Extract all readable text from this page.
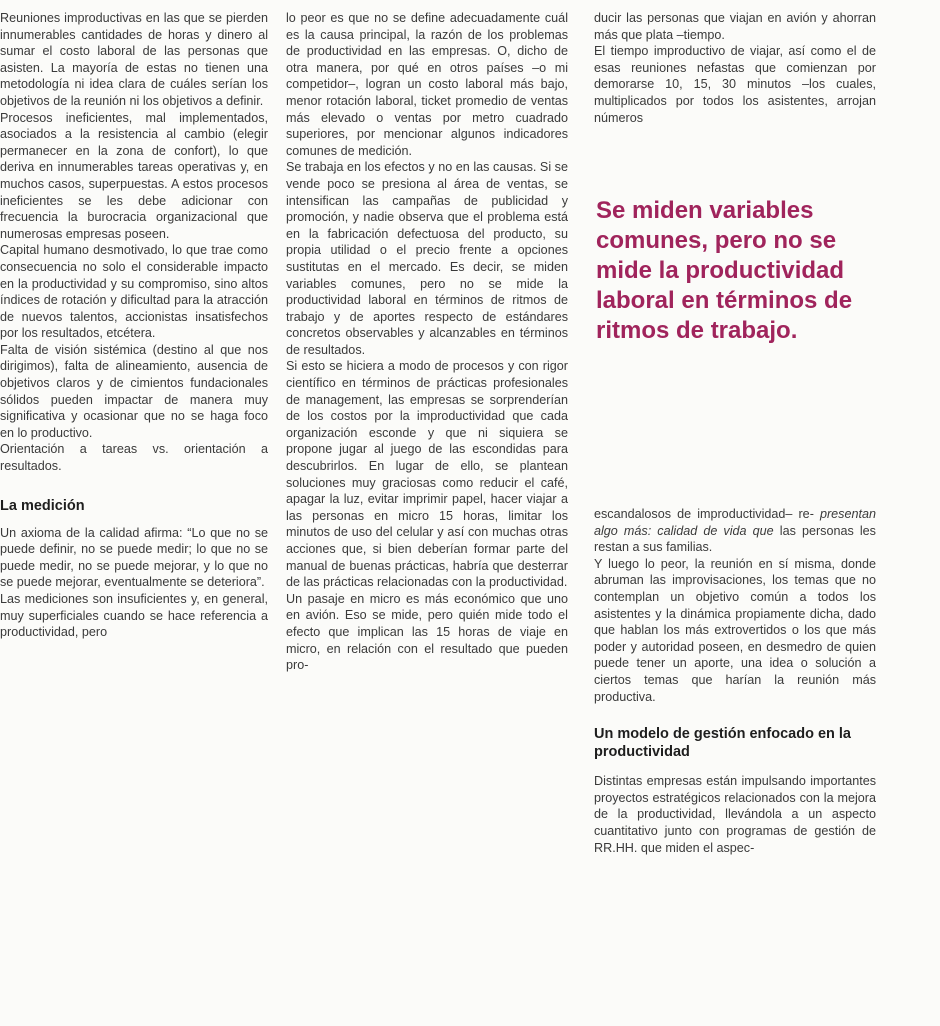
Reuniones improductivas en las que se pierden innumerables cantidades de horas y dinero al sumar el costo laboral de las personas que asisten. La mayoría de estas no tienen una metodología ni idea clara de cuáles serían los objetivos de la reunión ni los objetivos a definir.

Procesos ineficientes, mal implementados, asociados a la resistencia al cambio (elegir permanecer en la zona de confort), lo que deriva en innumerables tareas operativas y, en muchos casos, superpuestas. A estos procesos ineficientes se les debe adicionar con frecuencia la burocracia organizacional que numerosas empresas poseen.

Capital humano desmotivado, lo que trae como consecuencia no solo el considerable impacto en la productividad y su compromiso, sino altos índices de rotación y dificultad para la atracción de nuevos talentos, accionistas insatisfechos por los resultados, etcétera.

Falta de visión sistémica (destino al que nos dirigimos), falta de alineamiento, ausencia de objetivos claros y de cimientos fundacionales sólidos pueden impactar de manera muy significativa y ocasionar que no se haga foco en lo productivo.

Orientación a tareas vs. orientación a resultados.

La medición

Un axioma de la calidad afirma: “Lo que no se puede definir, no se puede medir; lo que no se puede medir, no se puede mejorar, y lo que no se puede mejorar, eventualmente se deteriora”.

Las mediciones son insuficientes y, en general, muy superficiales cuando se hace referencia a productividad, pero

lo peor es que no se define adecuadamente cuál es la causa principal, la razón de los problemas de productividad en las empresas. O, dicho de otra manera, por qué en otros países –o mi competidor–, logran un costo laboral más bajo, menor rotación laboral, ticket promedio de ventas más elevado o ventas por metro cuadrado superiores, por mencionar algunos indicadores comunes de medición.

Se trabaja en los efectos y no en las causas. Si se vende poco se presiona al área de ventas, se intensifican las campañas de publicidad y promoción, y nadie observa que el problema está en la fabricación defectuosa del producto, su propia utilidad o el precio frente a opciones sustitutas en el mercado. Es decir, se miden variables comunes, pero no se mide la productividad laboral en términos de ritmos de trabajo y de aportes respecto de estándares concretos observables y alcanzables en términos de resultados.

Si esto se hiciera a modo de procesos y con rigor científico en términos de prácticas profesionales de management, las empresas se sorprenderían de los costos por la improductividad que cada organización esconde y que ni siquiera se propone jugar al juego de las escondidas para descubrirlos. En lugar de ello, se plantean soluciones muy graciosas como reducir el café, apagar la luz, evitar imprimir papel, hacer viajar a las personas en micro 15 horas, limitar los minutos de uso del celular y así con muchas otras acciones que, si bien deberían formar parte del manual de buenas prácticas, habría que desterrar de las prácticas relacionadas con la productividad.

Un pasaje en micro es más económico que uno en avión. Eso se mide, pero quién mide todo el efecto que implican las 15 horas de viaje en micro, en relación con el resultado que pueden pro-

ducir las personas que viajan en avión y ahorran más que plata –tiempo.

El tiempo improductivo de viajar, así como el de esas reuniones nefastas que comienzan por demorarse 10, 15, 30 minutos –los cuales, multiplicados por todos los asistentes, arrojan números

Se miden variables comunes, pero no se mide la productividad laboral en términos de ritmos de trabajo.

escandalosos de improductividad– re- presentan algo más: calidad de vida que las personas les restan a sus familias.

Y luego lo peor, la reunión en sí misma, donde abruman las improvisaciones, los temas que no contemplan un objetivo común a todos los asistentes y la dinámica propiamente dicha, dado que hablan los más extrovertidos o los que más poder y autoridad poseen, en desmedro de quien puede tener un aporte, una idea o solución a ciertos temas que harían la reunión más productiva.

Un modelo de gestión enfocado en la productividad

Distintas empresas están impulsando importantes proyectos estratégicos relacionados con la mejora de la productividad, llevándola a un aspecto cuantitativo junto con programas de gestión de RR.HH. que miden el aspec-
